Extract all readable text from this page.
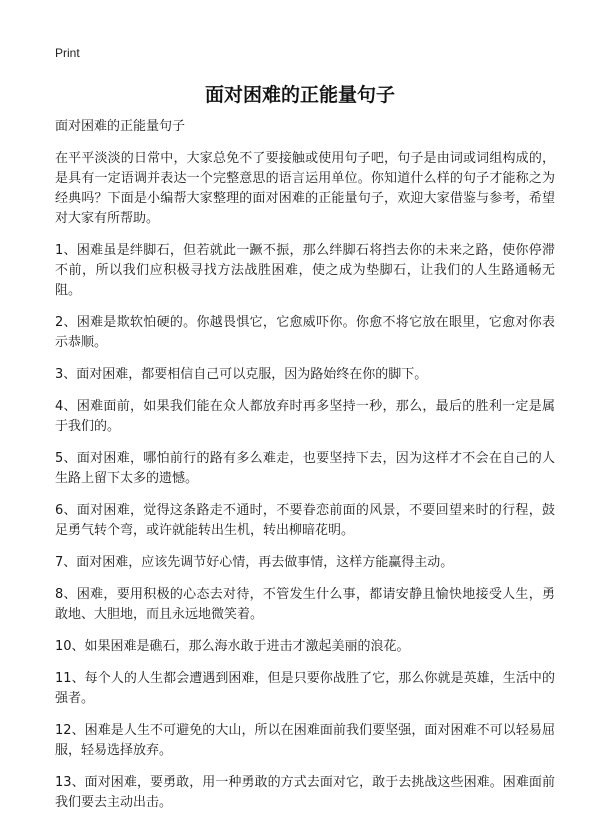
Print
面对困难的正能量句子

面对困难的正能量句子

在平平淡淡的日常中，大家总免不了要接触或使用句子吧，句子是由词或词组构成的，是具有一定语调并表达一个完整意思的语言运用单位。你知道什么样的句子才能称之为经典吗？下面是小编帮大家整理的面对困难的正能量句子，欢迎大家借鉴与参考，希望对大家有所帮助。

1、困难虽是绊脚石，但若就此一蹶不振，那么绊脚石将挡去你的未来之路，使你停滞不前，所以我们应积极寻找方法战胜困难，使之成为垫脚石，让我们的人生路通畅无阻。

2、困难是欺软怕硬的。你越畏惧它，它愈威吓你。你愈不将它放在眼里，它愈对你表示恭顺。

3、面对困难，都要相信自己可以克服，因为路始终在你的脚下。

4、困难面前，如果我们能在众人都放弃时再多坚持一秒，那么，最后的胜利一定是属于我们的。

5、面对困难，哪怕前行的路有多么难走，也要坚持下去，因为这样才不会在自己的人生路上留下太多的遗憾。

6、面对困难，觉得这条路走不通时，不要眷恋前面的风景，不要回望来时的行程，鼓足勇气转个弯，或许就能转出生机，转出柳暗花明。

7、面对困难，应该先调节好心情，再去做事情，这样方能赢得主动。

8、困难，要用积极的心态去对待，不管发生什么事，都请安静且愉快地接受人生，勇敢地、大胆地，而且永远地微笑着。

10、如果困难是礁石，那么海水敢于进击才激起美丽的浪花。

11、每个人的人生都会遭遇到困难，但是只要你战胜了它，那么你就是英雄，生活中的强者。

12、困难是人生不可避免的大山，所以在困难面前我们要坚强，面对困难不可以轻易屈服，轻易选择放弃。

13、面对困难，要勇敢，用一种勇敢的方式去面对它，敢于去挑战这些困难。困难面前我们要去主动出击。
